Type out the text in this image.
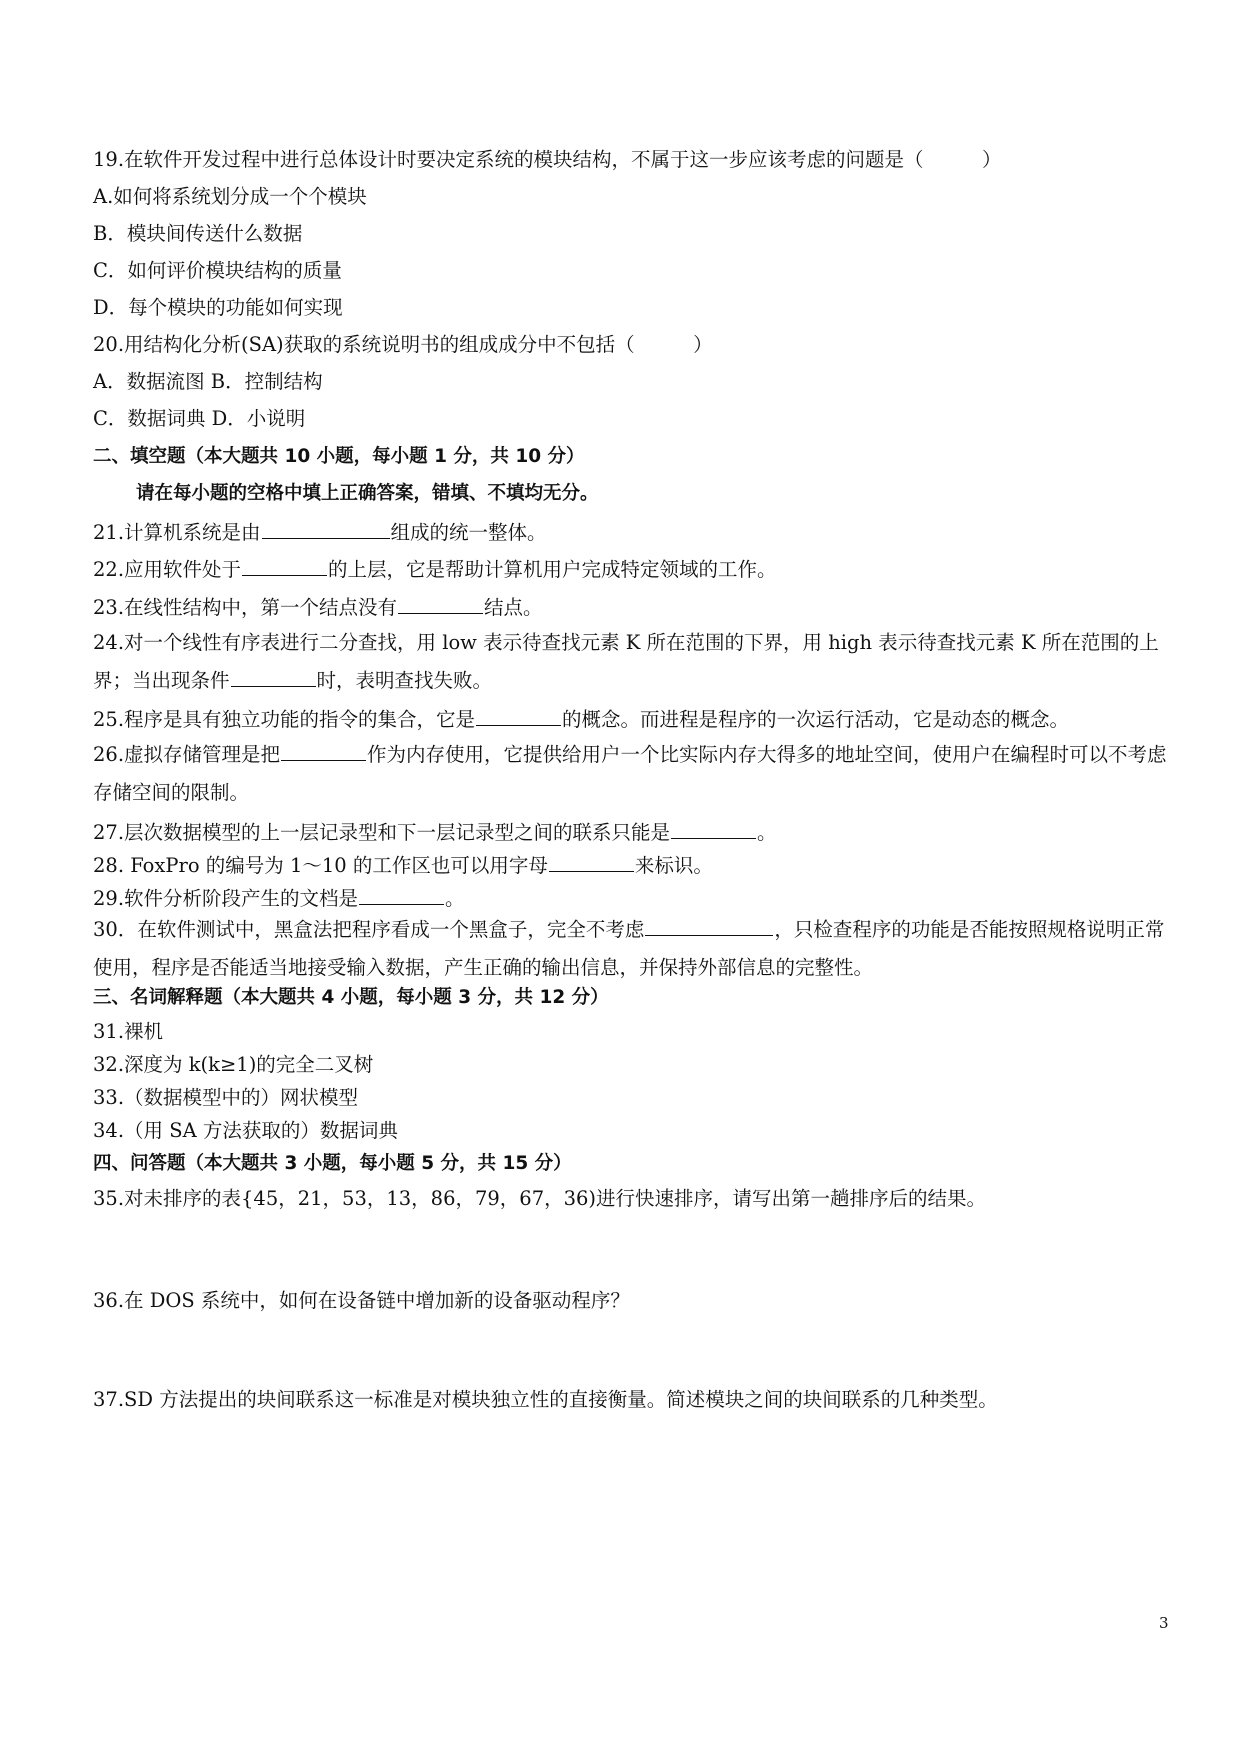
19.在软件开发过程中进行总体设计时要决定系统的模块结构，不属于这一步应该考虑的问题是（　　　）
A.如何将系统划分成一个个模块
B．模块间传送什么数据
C．如何评价模块结构的质量
D．每个模块的功能如何实现
20.用结构化分析(SA)获取的系统说明书的组成成分中不包括（　　　）
A．数据流图 B．控制结构
C．数据词典 D．小说明
二、填空题（本大题共 10 小题，每小题 1 分，共 10 分）
请在每小题的空格中填上正确答案，错填、不填均无分。
21.计算机系统是由	组成的统一整体。
22.应用软件处于	的上层，它是帮助计算机用户完成特定领域的工作。
23.在线性结构中，第一个结点没有	结点。
24.对一个线性有序表进行二分查找，用 low 表示待查找元素 K 所在范围的下界，用 high 表示待查找元素 K 所在范围的上界；当出现条件	时，表明查找失败。
25.程序是具有独立功能的指令的集合，它是	的概念。而进程是程序的一次运行活动，它是动态的概念。
26.虚拟存储管理是把	作为内存使用，它提供给用户一个比实际内存大得多的地址空间，使用户在编程时可以不考虑存储空间的限制。
27.层次数据模型的上一层记录型和下一层记录型之间的联系只能是	。
28. FoxPro 的编号为 1～10 的工作区也可以用字母	来标识。
29.软件分析阶段产生的文档是	。
30．在软件测试中，黑盒法把程序看成一个黑盒子，完全不考虑	，只检查程序的功能是否能按照规格说明正常使用，程序是否能适当地接受输入数据，产生正确的输出信息，并保持外部信息的完整性。
三、名词解释题（本大题共 4 小题，每小题 3 分，共 12 分）
31.裸机
32.深度为 k(k≥1)的完全二叉树
33.（数据模型中的）网状模型
34.（用 SA 方法获取的）数据词典
四、问答题（本大题共 3 小题，每小题 5 分，共 15 分）
35.对未排序的表{45，21，53，13，86，79，67，36)进行快速排序，请写出第一趟排序后的结果。
36.在 DOS 系统中，如何在设备链中增加新的设备驱动程序？
37.SD 方法提出的块间联系这一标准是对模块独立性的直接衡量。简述模块之间的块间联系的几种类型。
3
